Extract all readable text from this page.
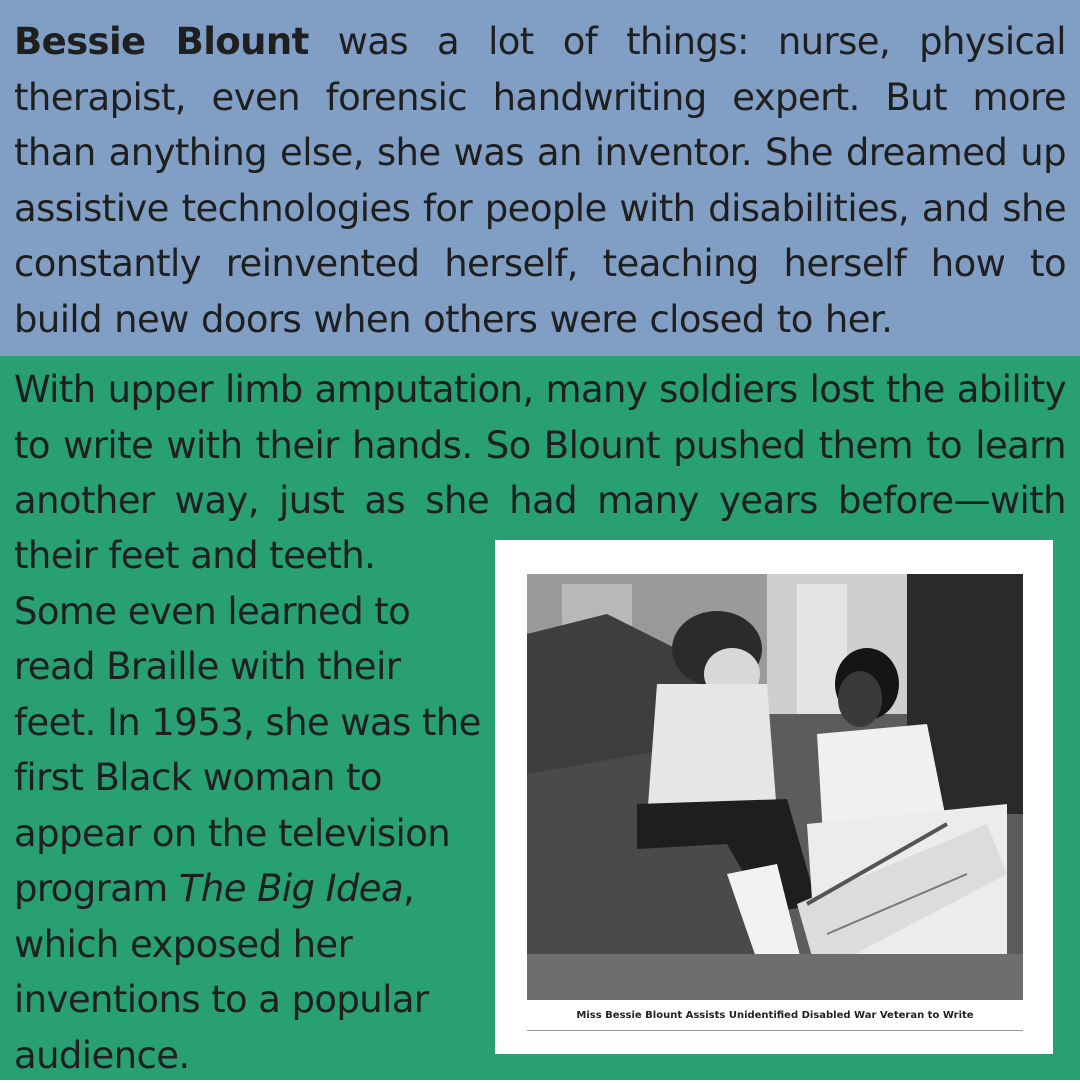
Bessie Blount was a lot of things: nurse, physical therapist, even forensic handwriting expert. But more than anything else, she was an inventor. She dreamed up assistive technologies for people with disabilities, and she constantly reinvented herself, teaching herself how to build new doors when others were closed to her.

With upper limb amputation, many soldiers lost the ability
to write with their hands. So Blount pushed them to learn
another way, just as she had many years before—with

their feet and teeth. Some even learned to read Braille with their feet. In 1953, she was the first Black woman to appear on the television program The Big Idea, which exposed her inventions to a popular audience.

Miss Bessie Blount Assists Unidentified Disabled War Veteran to Write
